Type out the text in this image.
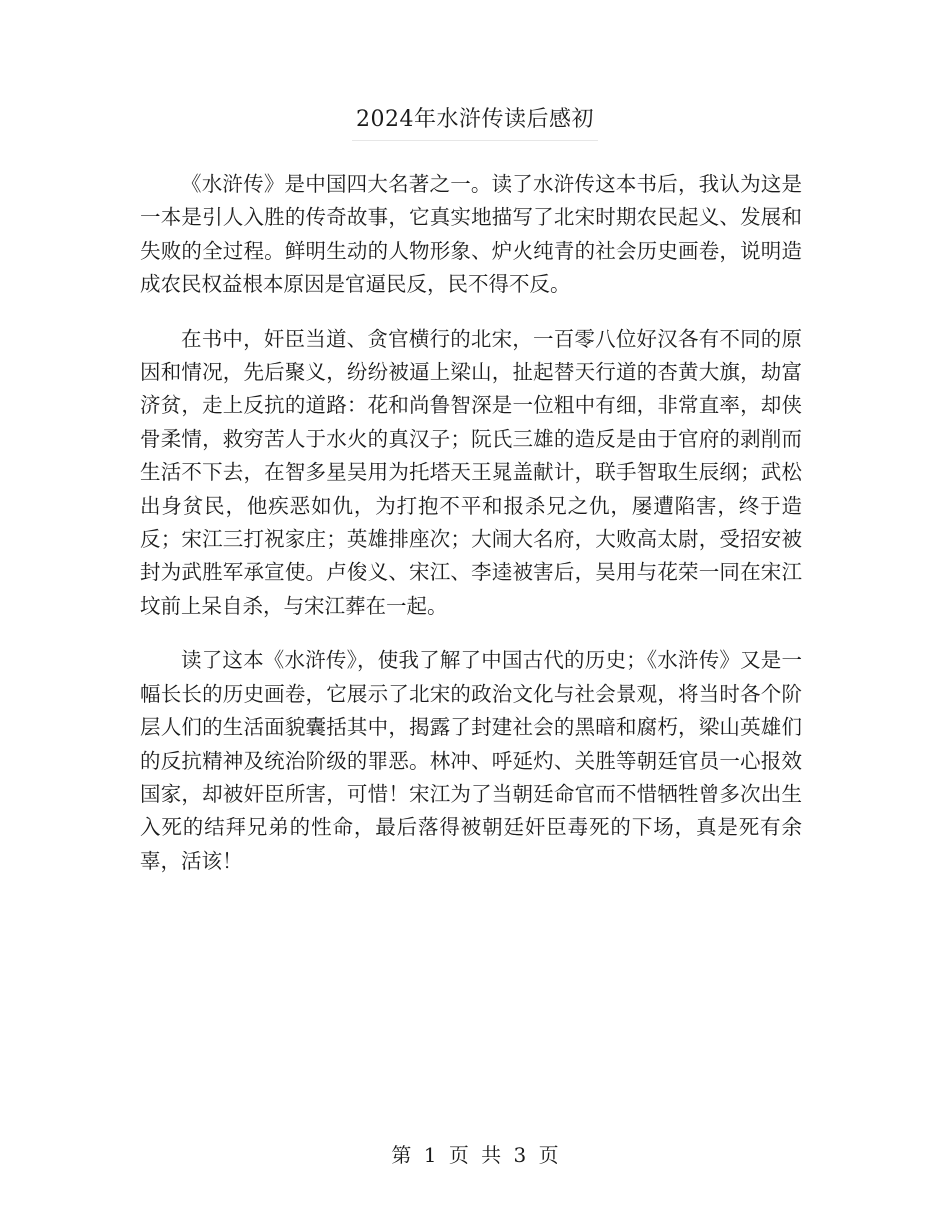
2024年水浒传读后感初

《水浒传》是中国四大名著之一。读了水浒传这本书后，我认为这是一本是引人入胜的传奇故事，它真实地描写了北宋时期农民起义、发展和失败的全过程。鲜明生动的人物形象、炉火纯青的社会历史画卷，说明造成农民权益根本原因是官逼民反，民不得不反。

在书中，奸臣当道、贪官横行的北宋，一百零八位好汉各有不同的原因和情况，先后聚义，纷纷被逼上梁山，扯起替天行道的杏黄大旗，劫富济贫，走上反抗的道路：花和尚鲁智深是一位粗中有细，非常直率，却侠骨柔情，救穷苦人于水火的真汉子；阮氏三雄的造反是由于官府的剥削而生活不下去，在智多星吴用为托塔天王晁盖献计，联手智取生辰纲；武松出身贫民，他疾恶如仇，为打抱不平和报杀兄之仇，屡遭陷害，终于造反；宋江三打祝家庄；英雄排座次；大闹大名府，大败高太尉，受招安被封为武胜军承宣使。卢俊义、宋江、李逵被害后，吴用与花荣一同在宋江坟前上呆自杀，与宋江葬在一起。

读了这本《水浒传》，使我了解了中国古代的历史；《水浒传》又是一幅长长的历史画卷，它展示了北宋的政治文化与社会景观，将当时各个阶层人们的生活面貌囊括其中，揭露了封建社会的黑暗和腐朽，梁山英雄们的反抗精神及统治阶级的罪恶。林冲、呼延灼、关胜等朝廷官员一心报效国家，却被奸臣所害，可惜！宋江为了当朝廷命官而不惜牺牲曾多次出生入死的结拜兄弟的性命，最后落得被朝廷奸臣毒死的下场，真是死有余辜，活该！

第 1 页 共 3 页
